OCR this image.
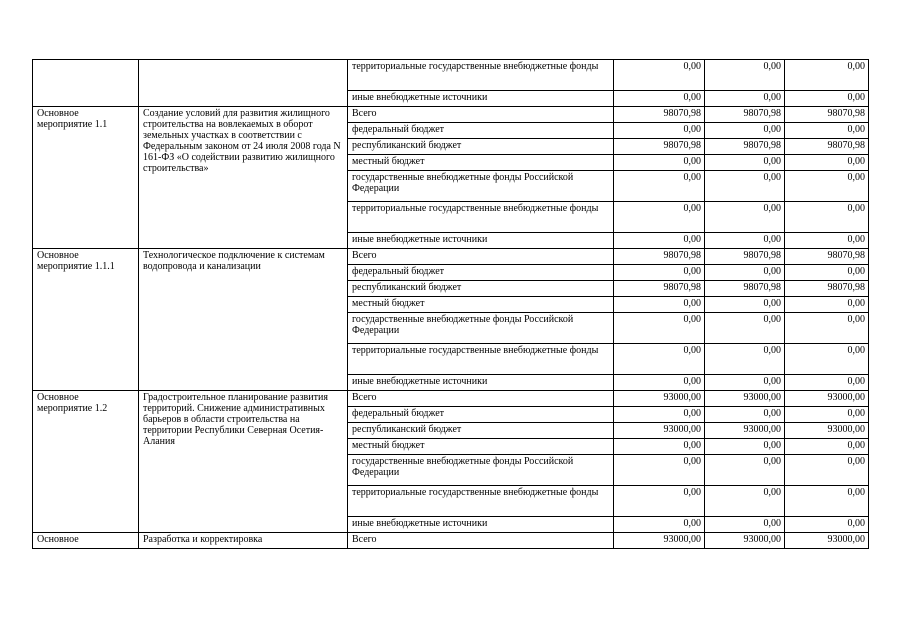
		территориальные государственные внебюджетные фонды	0,00	0,00	0,00
		иные внебюджетные источники	0,00	0,00	0,00
Основное мероприятие 1.1	Создание условий для развития жилищного строительства на вовлекаемых в оборот земельных участках в соответствии с Федеральным законом от 24 июля 2008 года N 161-ФЗ «О содействии развитию жилищного строительства»	Всего	98070,98	98070,98	98070,98
		федеральный бюджет	0,00	0,00	0,00
		республиканский бюджет	98070,98	98070,98	98070,98
		местный бюджет	0,00	0,00	0,00
		государственные внебюджетные фонды Российской Федерации	0,00	0,00	0,00
		территориальные государственные внебюджетные фонды	0,00	0,00	0,00
		иные внебюджетные источники	0,00	0,00	0,00
Основное мероприятие 1.1.1	Технологическое подключение к системам водопровода и канализации	Всего	98070,98	98070,98	98070,98
		федеральный бюджет	0,00	0,00	0,00
		республиканский бюджет	98070,98	98070,98	98070,98
		местный бюджет	0,00	0,00	0,00
		государственные внебюджетные фонды Российской Федерации	0,00	0,00	0,00
		территориальные государственные внебюджетные фонды	0,00	0,00	0,00
		иные внебюджетные источники	0,00	0,00	0,00
Основное мероприятие 1.2	Градостроительное планирование развития территорий. Снижение административных барьеров в области строительства на территории Республики Северная Осетия-Алания	Всего	93000,00	93000,00	93000,00
		федеральный бюджет	0,00	0,00	0,00
		республиканский бюджет	93000,00	93000,00	93000,00
		местный бюджет	0,00	0,00	0,00
		государственные внебюджетные фонды Российской Федерации	0,00	0,00	0,00
		территориальные государственные внебюджетные фонды	0,00	0,00	0,00
		иные внебюджетные источники	0,00	0,00	0,00
Основное	Разработка и корректировка	Всего	93000,00	93000,00	93000,00
